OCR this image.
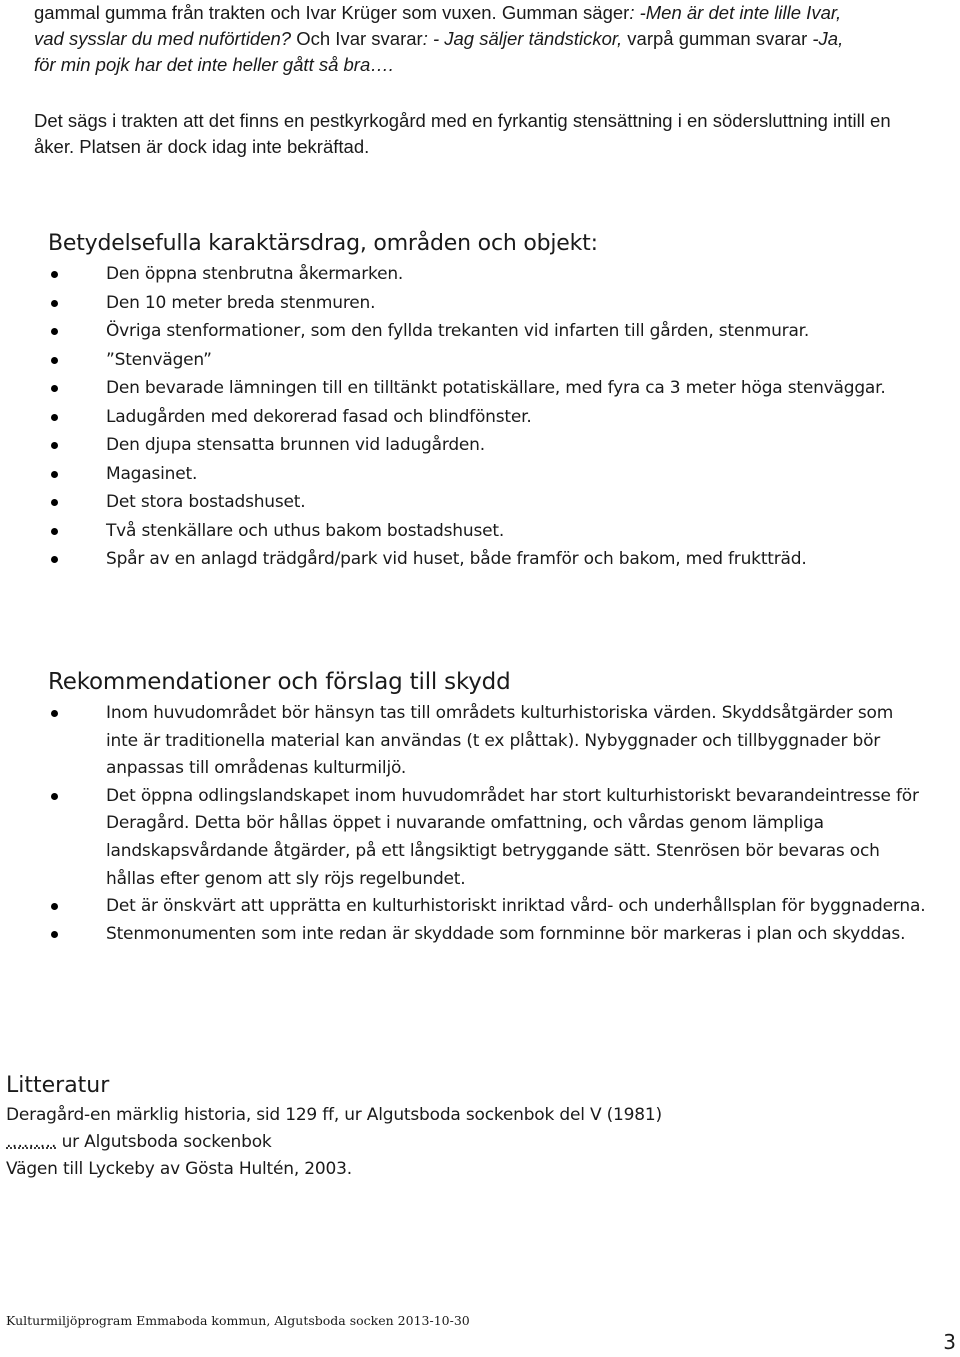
gammal gumma från trakten och Ivar Krüger som vuxen. Gumman säger: -Men är det inte lille Ivar,
vad sysslar du med nuförtiden? Och Ivar svarar: - Jag säljer tändstickor, varpå gumman svarar -Ja,
för min pojk har det inte heller gått så bra….
Det sägs i trakten att det finns en pestkyrkogård med en fyrkantig stensättning i en södersluttning intill en åker. Platsen är dock idag inte bekräftad.
Betydelsefulla karaktärsdrag, områden och objekt:
Den öppna stenbrutna åkermarken.
Den 10 meter breda stenmuren.
Övriga stenformationer, som den fyllda trekanten vid infarten till gården, stenmurar.
”Stenvägen”
Den bevarade lämningen till en tilltänkt potatiskällare, med fyra ca 3 meter höga stenväggar.
Ladugården med dekorerad fasad och blindfönster.
Den djupa stensatta brunnen vid ladugården.
Magasinet.
Det stora bostadshuset.
Två stenkällare och uthus bakom bostadshuset.
Spår av en anlagd trädgård/park vid huset, både framför och bakom, med fruktträd.
Rekommendationer och förslag till skydd
Inom huvudområdet bör hänsyn tas till områdets kulturhistoriska värden. Skyddsåtgärder som inte är traditionella material kan användas (t ex plåttak). Nybyggnader och tillbyggnader bör anpassas till områdenas kulturmiljö.
Det öppna odlingslandskapet inom huvudområdet har stort kulturhistoriskt bevarandeintresse för Deragård. Detta bör hållas öppet i nuvarande omfattning, och vårdas genom lämpliga landskapsvårdande åtgärder, på ett långsiktigt betryggande sätt. Stenrösen bör bevaras och hållas efter genom att sly röjs regelbundet.
Det är önskvärt att upprätta en kulturhistoriskt inriktad vård- och underhållsplan för byggnaderna.
Stenmonumenten som inte redan är skyddade som fornminne bör markeras i plan och skyddas.
Litteratur
Deragård-en märklig historia, sid 129 ff, ur Algutsboda sockenbok del V (1981)
……… ur Algutsboda sockenbok
Vägen till Lyckeby av Gösta Hultén, 2003.
Kulturmiljöprogram Emmaboda kommun, Algutsboda socken 2013-10-30
3
